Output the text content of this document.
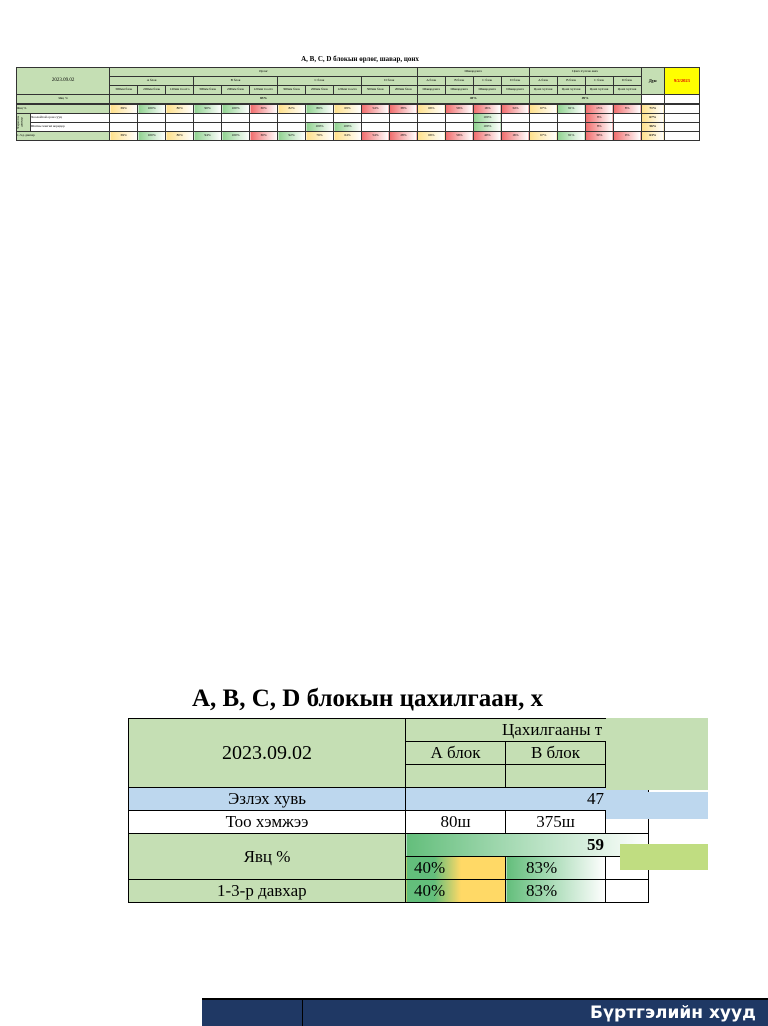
A, B, C, D блокын өрлөг, шавар, цонх
2023.09.02	Өрлөг											Шавардлага				Цонх хүлээж авах				Дүн	9/2/2023
	A блок			B блок			C блок			D блок		A блок	B блок	C блок	D блок	A блок	B блок	C блок	D блок		
	300мм блок	200мм блок	120мм тоосго	300мм блок	200мм блок	120мм тоосго	300мм блок	200мм блок	120мм тоосго	300мм блок	200мм блок	Шавардлага	Шавардлага	Шавардлага	Шавардлага	Цонх хүлээж	Цонх хүлээж	Цонх хүлээж	Цонх хүлээж		
Явц %	83%											45%				49%					
Явц %		69%	100%	80%	90%	100%	30%	82%	86%	69%	54%	38%	66%	56%	16%	34%	67%	91%	13%	8%	71%	

Хэрэглэх давхар	Хоолойтой орон сууц														100%				8%		67%	
	Шатны хонгил коридор								100%	100%					100%				8%		56%	
1-3-р давхар		69%	100%	80%	94%	100%	30%	92%	76%	64%	54%	28%	66%	56%	40%	16%	67%	91%	39%	0%	63%	
A, B, C, D блокын цахилгаан, х
2023.09.02	Цахилгааны т		
	А блок	В блок	

Эзлэх хувь	47		
Тоо хэмжээ	80ш	375ш	
Явц %	59		
	40%	83%	
1-3-р давхар	40%	83%	
Бүртгэлийн хууд
